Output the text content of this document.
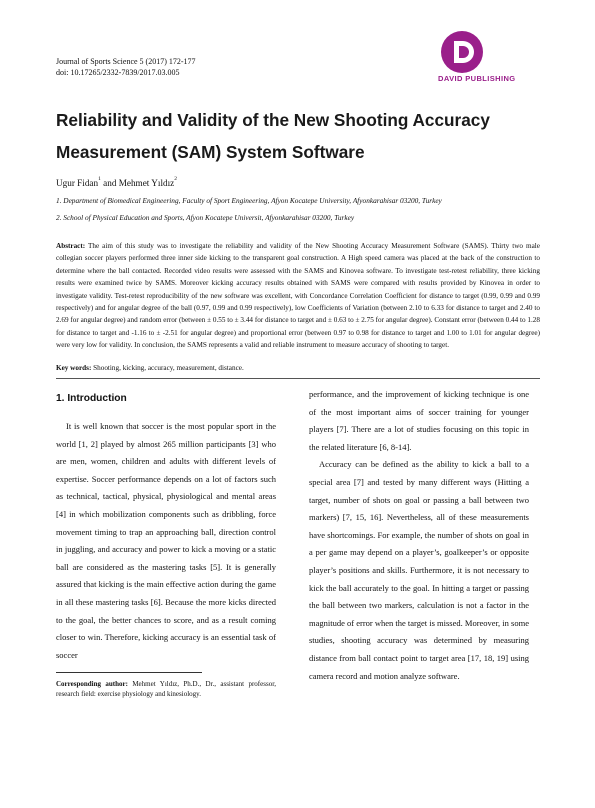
Journal of Sports Science 5 (2017) 172-177
doi: 10.17265/2332-7839/2017.03.005
DAVID PUBLISHING
Reliability and Validity of the New Shooting Accuracy
Measurement (SAM) System Software
Ugur Fidan$^1$ and Mehmet Yıldız$^2$
1. Department of Biomedical Engineering, Faculty of Sport Engineering, Afyon Kocatepe University, Afyonkarahisar 03200, Turkey
2. School of Physical Education and Sports, Afyon Kocatepe Universit, Afyonkarahisar 03200, Turkey
Abstract: The aim of this study was to investigate the reliability and validity of the New Shooting Accuracy Measurement Software (SAMS). Thirty two male collegian soccer players performed three inner side kicking to the transparent goal construction. A High speed camera was placed at the back of the construction to determine where the ball contacted. Recorded video results were assessed with the SAMS and Kinovea software. To investigate test-retest reliability, three kicking results were examined twice by SAMS. Moreover kicking accuracy results obtained with SAMS were compared with results provided by Kinovea in order to investigate validity. Test-retest reproducibility of the new software was excellent, with Concordance Correlation Coefficient for distance to target (0.99, 0.99 and 0.99 respectively) and for angular degree of the ball (0.97, 0.99 and 0.99 respectively), low Coefficients of Variation (between 2.10 to 6.33 for distance to target and 2.40 to 2.69 for angular degree) and random error (between ± 0.55 to ± 3.44 for distance to target and ± 0.63 to ± 2.75 for angular degree). Constant error (between 0.44 to 1.28 for distance to target and -1.16 to ± -2.51 for angular degree) and proportional error (between 0.97 to 0.98 for distance to target and 1.00 to 1.01 for angular degree) were very low for validity. In conclusion, the SAMS represents a valid and reliable instrument to measure accuracy of shooting to target.
Key words: Shooting, kicking, accuracy, measurement, distance.
1. Introduction

It is well known that soccer is the most popular sport in the world [1, 2] played by almost 265 million participants [3] who are men, women, children and adults with different levels of expertise. Soccer performance depends on a lot of factors such as technical, tactical, physical, physiological and mental areas [4] in which mobilization components such as dribbling, force movement timing to trap an approaching ball, direction control in juggling, and accuracy and power to kick a moving or a static ball are considered as the mastering tasks [5]. It is generally assured that kicking is the main effective action during the game in all these mastering tasks [6]. Because the more kicks directed to the goal, the better chances to score, and as a result coming closer to win. Therefore, kicking accuracy is an essential task of soccer

performance, and the improvement of kicking technique is one of the most important aims of soccer training for younger players [7]. There are a lot of studies focusing on this topic in the related literature [6, 8-14].

Accuracy can be defined as the ability to kick a ball to a special area [7] and tested by many different ways (Hitting a target, number of shots on goal or passing a ball between two markers) [7, 15, 16]. Nevertheless, all of these measurements have shortcomings. For example, the number of shots on goal in a per game may depend on a player’s, goalkeeper’s or opposite player’s positions and skills. Furthermore, it is not necessary to kick the ball accurately to the goal. In hitting a target or passing the ball between two markers, calculation is not a factor in the magnitude of error when the target is missed. Moreover, in some studies, shooting accuracy was determined by measuring distance from ball contact point to target area [17, 18, 19] using camera record and motion analyze software.

Corresponding author: Mehmet Yıldız, Ph.D., Dr., assistant professor, research field: exercise physiology and kinesiology.
